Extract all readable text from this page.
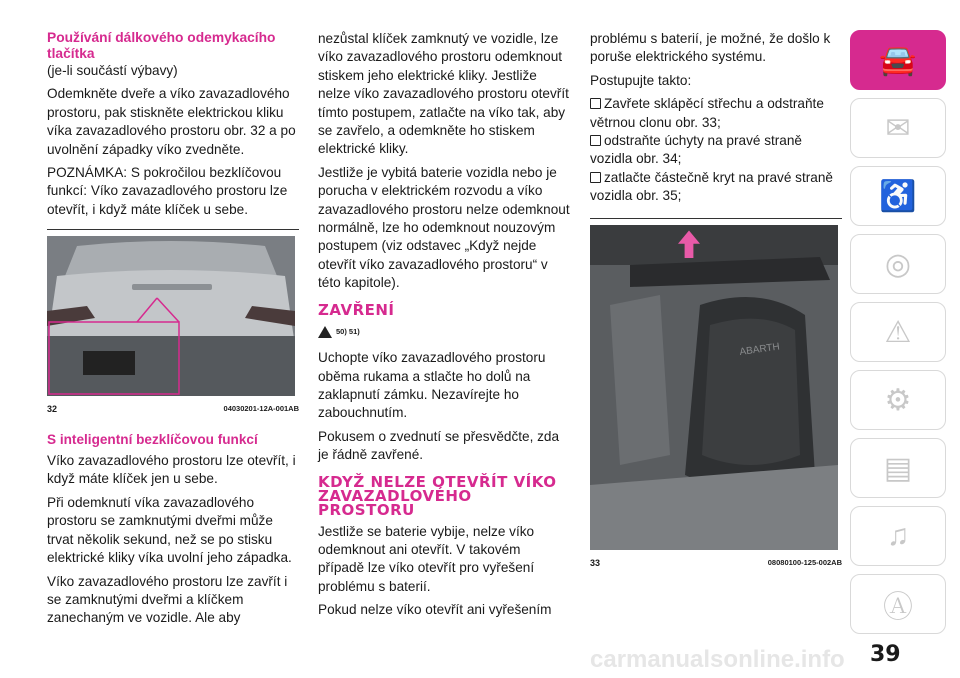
Používání dálkového odemykacího tlačítka

(je-li součástí výbavy)

Odemkněte dveře a víko zavazadlového prostoru, pak stiskněte elektrickou kliku víka zavazadlového prostoru obr. 32 a po uvolnění západky víko zvedněte.

POZNÁMKA: S pokročilou bezklíčovou funkcí: Víko zavazadlového prostoru lze otevřít, i když máte klíček u sebe.

32	04030201-12A-001AB
S inteligentní bezklíčovou funkcí

Víko zavazadlového prostoru lze otevřít, i když máte klíček jen u sebe.

Při odemknutí víka zavazadlového prostoru se zamknutými dveřmi může trvat několik sekund, než se po stisku elektrické kliky víka uvolní jeho západka.

Víko zavazadlového prostoru lze zavřít i se zamknutými dveřmi a klíčkem zanechaným ve vozidle. Ale aby

nezůstal klíček zamknutý ve vozidle, lze víko zavazadlového prostoru odemknout stiskem jeho elektrické kliky. Jestliže nelze víko zavazadlového prostoru otevřít tímto postupem, zatlačte na víko tak, aby se zavřelo, a odemkněte ho stiskem elektrické kliky.

Jestliže je vybitá baterie vozidla nebo je porucha v elektrickém rozvodu a víko zavazadlového prostoru nelze odemknout normálně, lze ho odemknout nouzovým postupem (viz odstavec „Když nejde otevřít víko zavazadlového prostoru“ v této kapitole).

ZAVŘENÍ
50) 51)

Uchopte víko zavazadlového prostoru oběma rukama a stlačte ho dolů na zaklapnutí zámku. Nezavírejte ho zabouchnutím.

Pokusem o zvednutí se přesvědčte, zda je řádně zavřené.

KDYŽ NELZE OTEVŘÍT VÍKO ZAVAZADLOVÉHO PROSTORU

Jestliže se baterie vybije, nelze víko odemknout ani otevřít. V takovém případě lze víko otevřít pro vyřešení problému s baterií.

Pokud nelze víko otevřít ani vyřešením

problému s baterií, je možné, že došlo k poruše elektrického systému.

Postupujte takto:

Zavřete sklápěcí střechu a odstraňte větrnou clonu obr. 33;
odstraňte úchyty na pravé straně vozidla obr. 34;
zatlačte částečně kryt na pravé straně vozidla obr. 35;
ABARTH
33	08080100-125-002AB
🚘
✉
♿
◎
⚠
⚙
▤
♫
Ⓐ
carmanualsonline.info 39
